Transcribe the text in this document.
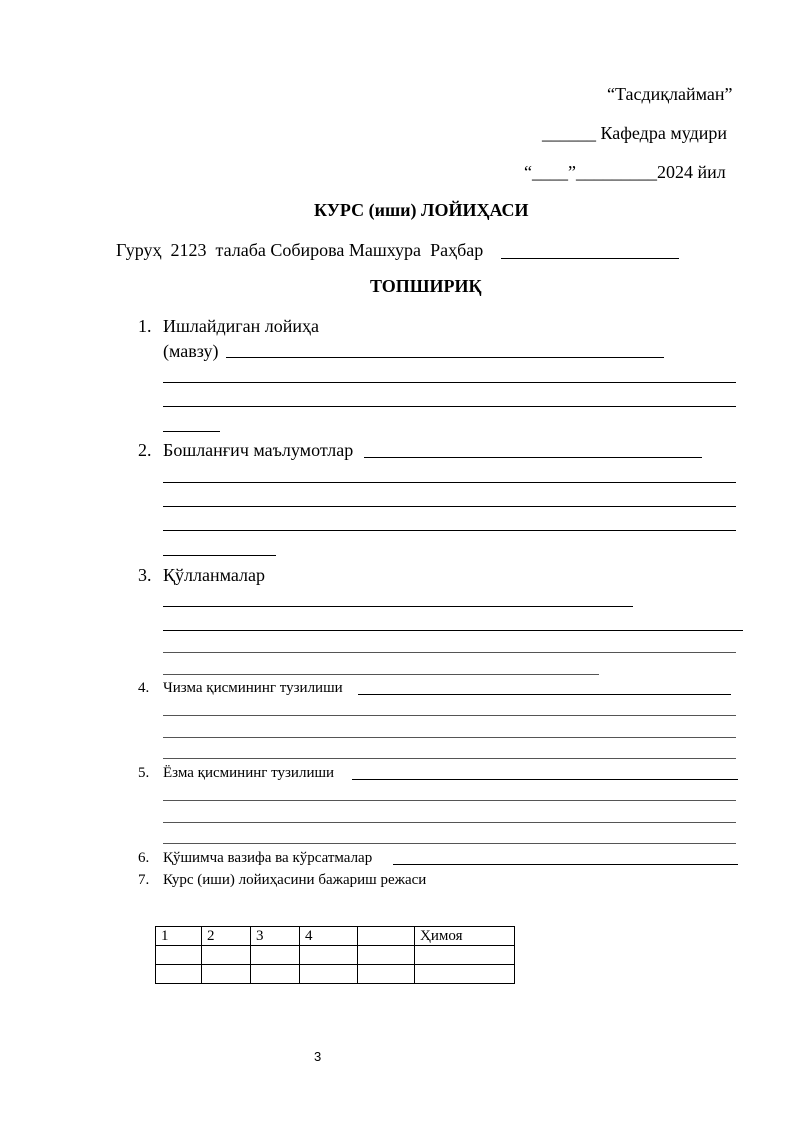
“Тасдиқлайман”
______ Кафедра мудири
“____”_________2024 йил
КУРС (иши) ЛОЙИҲАСИ
Гуруҳ 2123 талаба Собирова Машхура Раҳбар
ТОПШИРИҚ
1. Ишлайдиган лойиҳа
(мавзу)
2. Бошланғич маълумотлар
3. Қўлланмалар
4. Чизма қисмининг тузилиши
5. Ёзма қисмининг тузилиши
6. Қўшимча вазифа ва кўрсатмалар
7. Курс (иши) лойиҳасини бажариш режаси
1	2	3	4		Ҳимоя

3
